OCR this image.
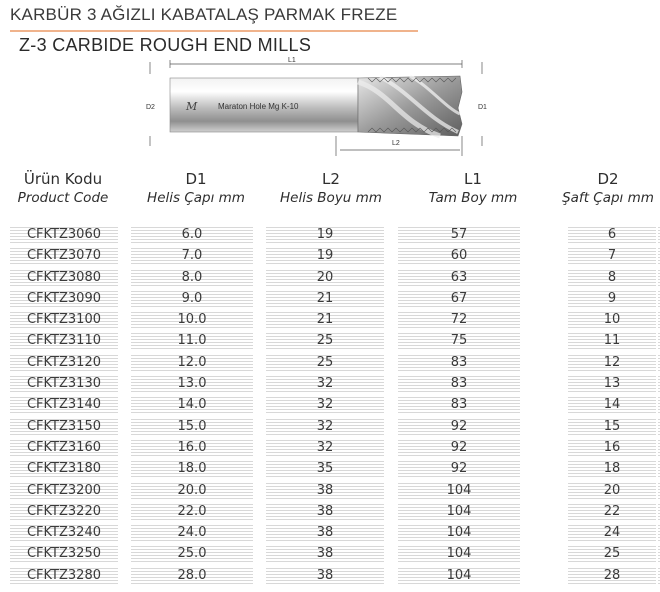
KARBÜR 3 AĞIZLI KABATALAŞ PARMAK FREZE
Z-3 CARBIDE ROUGH END MILLS
L1
D2	D1
Maraton Hole Mg K-10
M
L2
Ürün Kodu
Product Code
D1
Helis Çapı mm
L2
Helis Boyu mm
L1
Tam Boy mm
D2
Şaft Çapı mm
CFKTZ3060	6.0	19	57	6
CFKTZ3070	7.0	19	60	7
CFKTZ3080	8.0	20	63	8
CFKTZ3090	9.0	21	67	9
CFKTZ3100	10.0	21	72	10
CFKTZ3110	11.0	25	75	11
CFKTZ3120	12.0	25	83	12
CFKTZ3130	13.0	32	83	13
CFKTZ3140	14.0	32	83	14
CFKTZ3150	15.0	32	92	15
CFKTZ3160	16.0	32	92	16
CFKTZ3180	18.0	35	92	18
CFKTZ3200	20.0	38	104	20
CFKTZ3220	22.0	38	104	22
CFKTZ3240	24.0	38	104	24
CFKTZ3250	25.0	38	104	25
CFKTZ3280	28.0	38	104	28
